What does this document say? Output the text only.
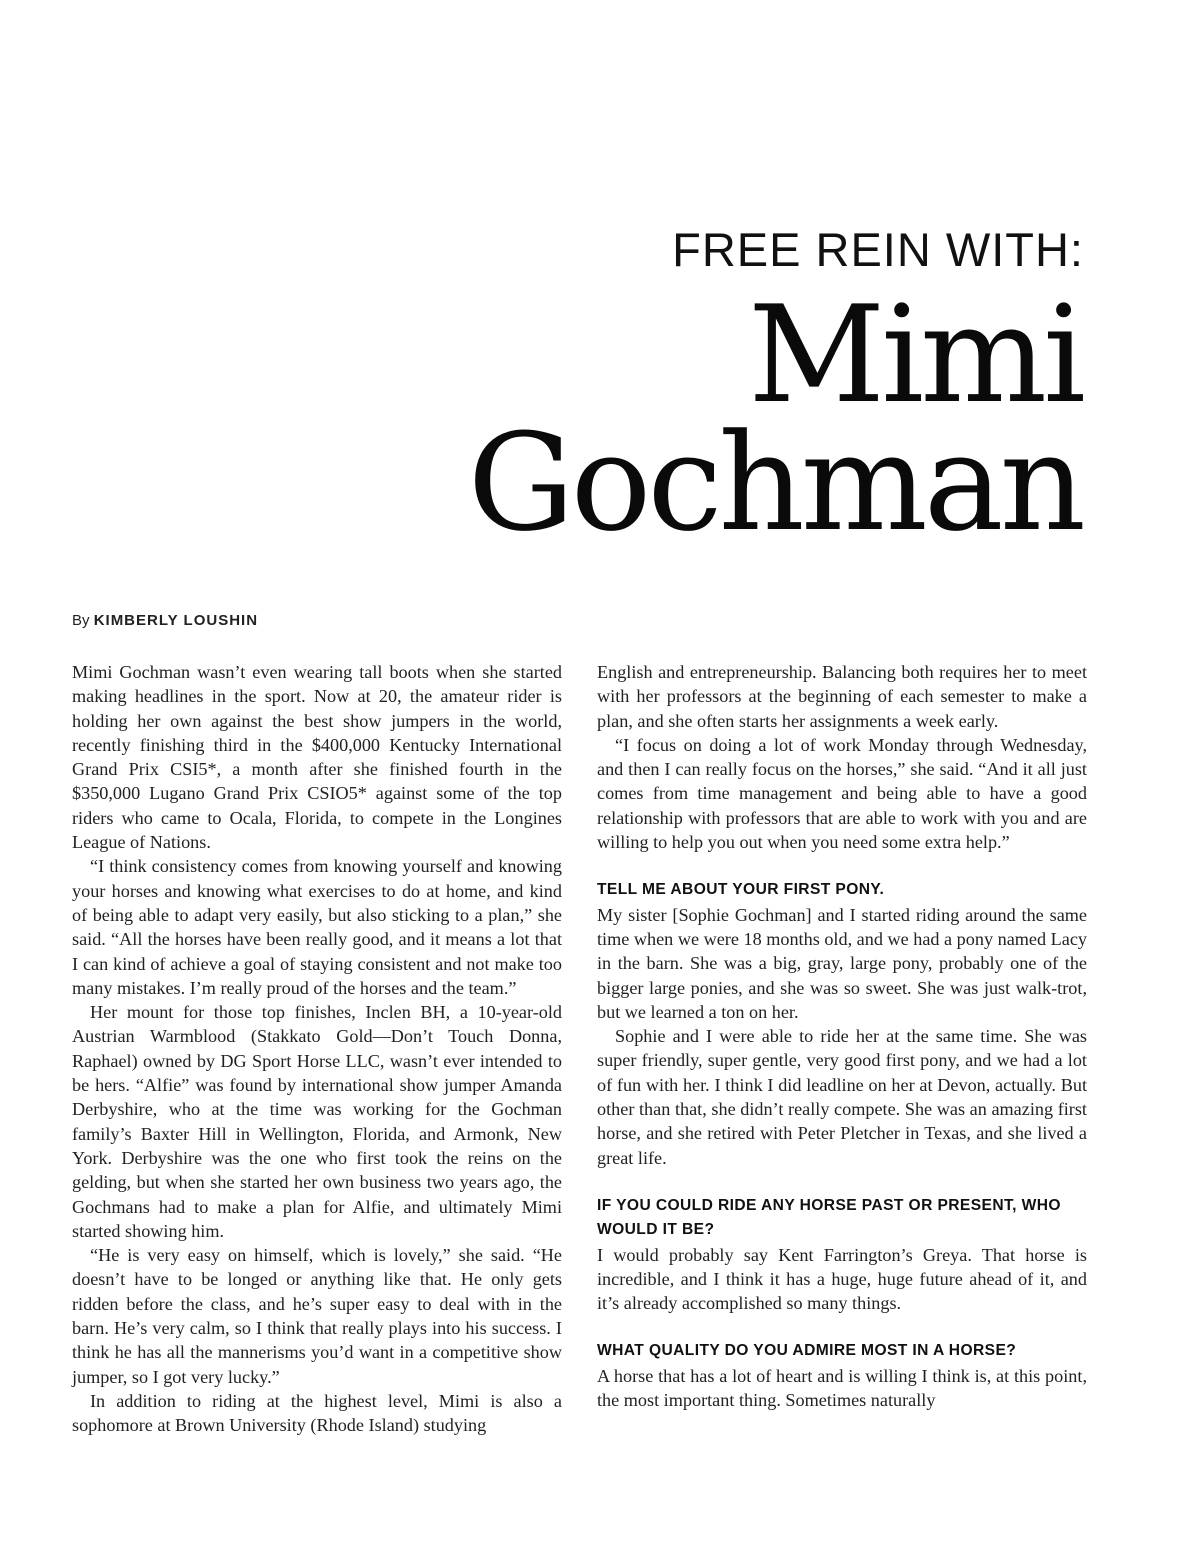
FREE REIN WITH:
Mimi
Gochman
By KIMBERLY LOUSHIN

Mimi Gochman wasn’t even wearing tall boots when she started making headlines in the sport. Now at 20, the amateur rider is holding her own against the best show jumpers in the world, recently finishing third in the $400,000 Kentucky International Grand Prix CSI5*, a month after she finished fourth in the $350,000 Lugano Grand Prix CSIO5* against some of the top riders who came to Ocala, Florida, to compete in the Longines League of Nations.

“I think consistency comes from knowing yourself and knowing your horses and knowing what exercises to do at home, and kind of being able to adapt very easily, but also sticking to a plan,” she said. “All the horses have been really good, and it means a lot that I can kind of achieve a goal of staying consistent and not make too many mistakes. I’m really proud of the horses and the team.”

Her mount for those top finishes, Inclen BH, a 10-year-old Austrian Warmblood (Stakkato Gold—Don’t Touch Donna, Raphael) owned by DG Sport Horse LLC, wasn’t ever intended to be hers. “Alfie” was found by international show jumper Amanda Derbyshire, who at the time was working for the Gochman family’s Baxter Hill in Wellington, Florida, and Armonk, New York. Derbyshire was the one who first took the reins on the gelding, but when she started her own business two years ago, the Gochmans had to make a plan for Alfie, and ultimately Mimi started showing him.

“He is very easy on himself, which is lovely,” she said. “He doesn’t have to be longed or anything like that. He only gets ridden before the class, and he’s super easy to deal with in the barn. He’s very calm, so I think that really plays into his success. I think he has all the mannerisms you’d want in a competitive show jumper, so I got very lucky.”

In addition to riding at the highest level, Mimi is also a sophomore at Brown University (Rhode Island) studying

English and entrepreneurship. Balancing both requires her to meet with her professors at the beginning of each semester to make a plan, and she often starts her assignments a week early.

“I focus on doing a lot of work Monday through Wednesday, and then I can really focus on the horses,” she said. “And it all just comes from time management and being able to have a good relationship with professors that are able to work with you and are willing to help you out when you need some extra help.”

TELL ME ABOUT YOUR FIRST PONY.

My sister [Sophie Gochman] and I started riding around the same time when we were 18 months old, and we had a pony named Lacy in the barn. She was a big, gray, large pony, probably one of the bigger large ponies, and she was so sweet. She was just walk-trot, but we learned a ton on her.

Sophie and I were able to ride her at the same time. She was super friendly, super gentle, very good first pony, and we had a lot of fun with her. I think I did leadline on her at Devon, actually. But other than that, she didn’t really compete. She was an amazing first horse, and she retired with Peter Pletcher in Texas, and she lived a great life.

IF YOU COULD RIDE ANY HORSE PAST OR PRESENT, WHO WOULD IT BE?

I would probably say Kent Farrington’s Greya. That horse is incredible, and I think it has a huge, huge future ahead of it, and it’s already accomplished so many things.

WHAT QUALITY DO YOU ADMIRE MOST IN A HORSE?

A horse that has a lot of heart and is willing I think is, at this point, the most important thing. Sometimes naturally
